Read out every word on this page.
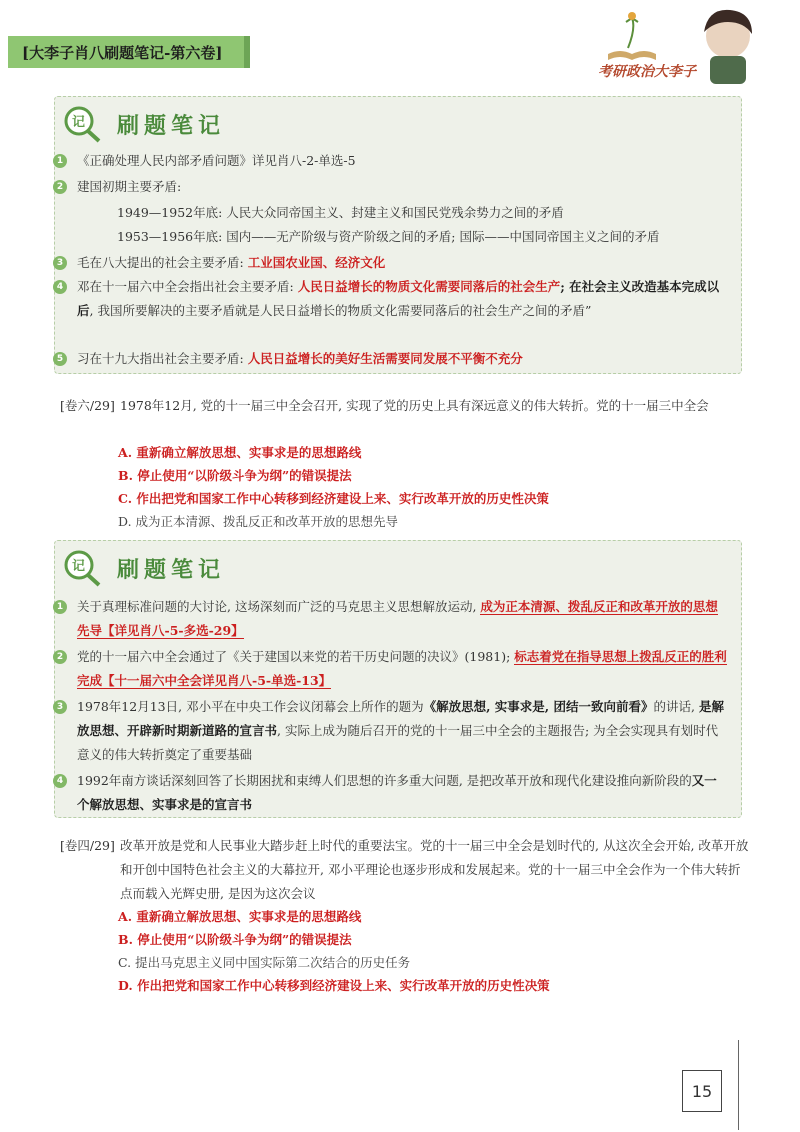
[大李子肖八刷题笔记-第六卷]
考研政治大李子
记 刷题笔记
1	《正确处理人民内部矛盾问题》详见肖八-2-单选-5
2	建国初期主要矛盾:
1949—1952年底: 人民大众同帝国主义、封建主义和国民党残余势力之间的矛盾
1953—1956年底: 国内——无产阶级与资产阶级之间的矛盾; 国际——中国同帝国主义之间的矛盾
3	毛在八大提出的社会主要矛盾: 工业国农业国、经济文化
4	邓在十一届六中全会指出社会主要矛盾: 人民日益增长的物质文化需要同落后的社会生产; 在社会主义改造基本完成以后, 我国所要解决的主要矛盾就是人民日益增长的物质文化需要同落后的社会生产之间的矛盾”
5	习在十九大指出社会主要矛盾: 人民日益增长的美好生活需要同发展不平衡不充分
[卷六/29] 1978年12月, 党的十一届三中全会召开, 实现了党的历史上具有深远意义的伟大转折。党的十一届三中全会
A. 重新确立解放思想、实事求是的思想路线
B. 停止使用“以阶级斗争为纲”的错误提法
C. 作出把党和国家工作中心转移到经济建设上来、实行改革开放的历史性决策
D. 成为正本清源、拨乱反正和改革开放的思想先导
记 刷题笔记
1	关于真理标准问题的大讨论, 这场深刻而广泛的马克思主义思想解放运动, 成为正本清源、拨乱反正和改革开放的思想先导【详见肖八-5-多选-29】
2	党的十一届六中全会通过了《关于建国以来党的若干历史问题的决议》(1981); 标志着党在指导思想上拨乱反正的胜利完成【十一届六中全会详见肖八-5-单选-13】
3	1978年12月13日, 邓小平在中央工作会议闭幕会上所作的题为《解放思想, 实事求是, 团结一致向前看》的讲话, 是解放思想、开辟新时期新道路的宣言书, 实际上成为随后召开的党的十一届三中全会的主题报告; 为全会实现具有划时代意义的伟大转折奠定了重要基础
4	1992年南方谈话深刻回答了长期困扰和束缚人们思想的许多重大问题, 是把改革开放和现代化建设推向新阶段的又一个解放思想、实事求是的宣言书
[卷四/29] 改革开放是党和人民事业大踏步赶上时代的重要法宝。党的十一届三中全会是划时代的, 从这次全会开始, 改革开放和开创中国特色社会主义的大幕拉开, 邓小平理论也逐步形成和发展起来。党的十一届三中全会作为一个伟大转折点而载入光辉史册, 是因为这次会议
A. 重新确立解放思想、实事求是的思想路线
B. 停止使用“以阶级斗争为纲”的错误提法
C. 提出马克思主义同中国实际第二次结合的历史任务
D. 作出把党和国家工作中心转移到经济建设上来、实行改革开放的历史性决策
15
